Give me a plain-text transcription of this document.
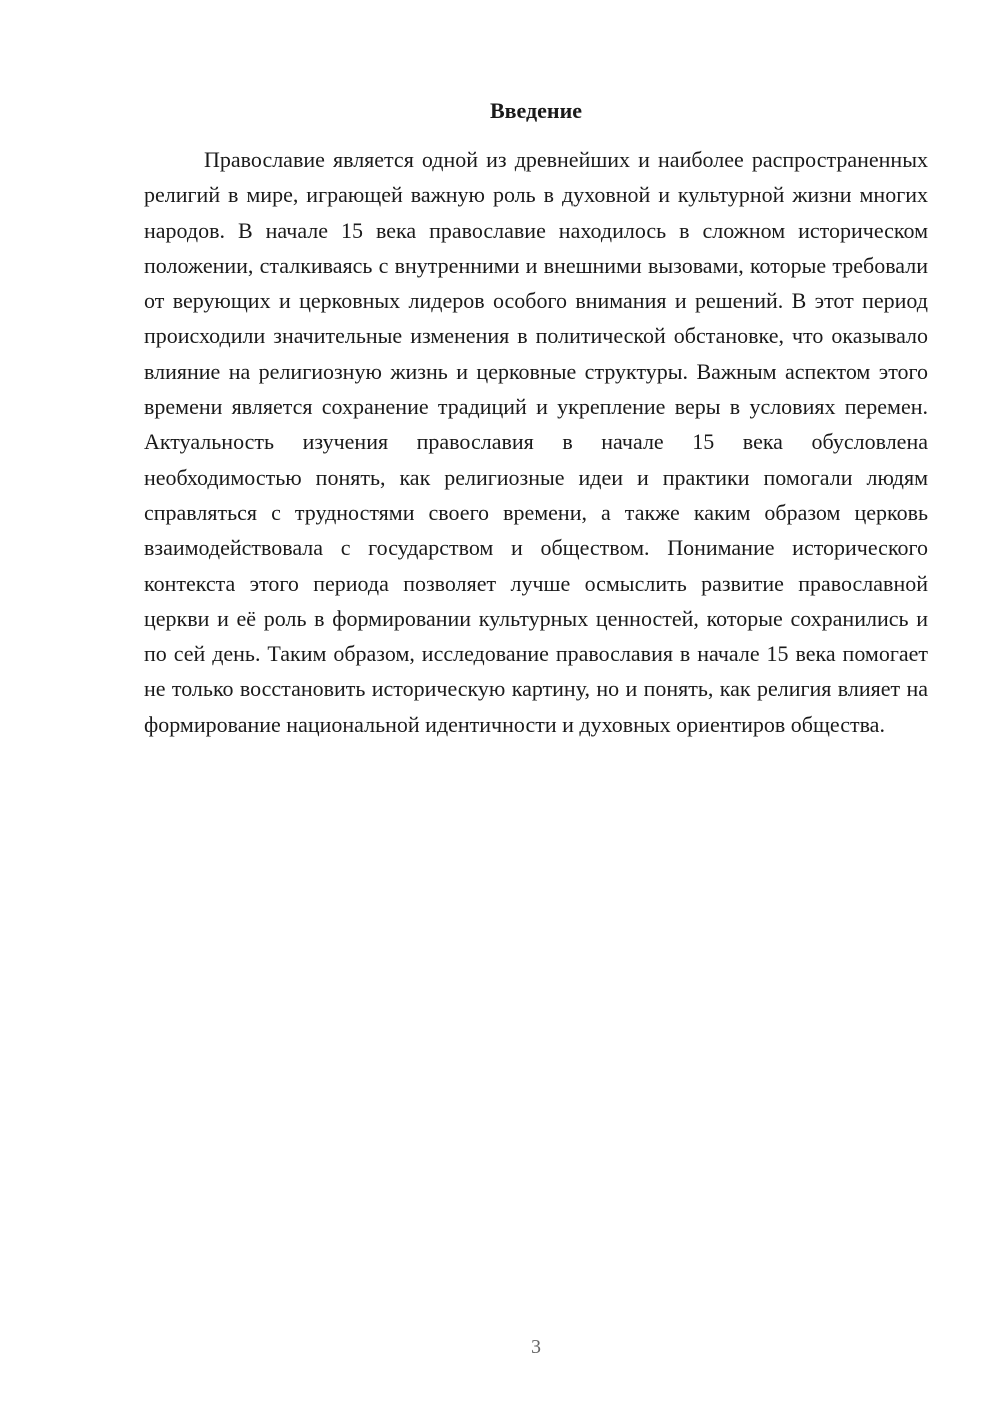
Введение

Православие является одной из древнейших и наиболее распространенных религий в мире, играющей важную роль в духовной и культурной жизни многих народов. В начале 15 века православие находилось в сложном историческом положении, сталкиваясь с внутренними и внешними вызовами, которые требовали от верующих и церковных лидеров особого внимания и решений. В этот период происходили значительные изменения в политической обстановке, что оказывало влияние на религиозную жизнь и церковные структуры. Важным аспектом этого времени является сохранение традиций и укрепление веры в условиях перемен. Актуальность изучения православия в начале 15 века обусловлена необходимостью понять, как религиозные идеи и практики помогали людям справляться с трудностями своего времени, а также каким образом церковь взаимодействовала с государством и обществом. Понимание исторического контекста этого периода позволяет лучше осмыслить развитие православной церкви и её роль в формировании культурных ценностей, которые сохранились и по сей день. Таким образом, исследование православия в начале 15 века помогает не только восстановить историческую картину, но и понять, как религия влияет на формирование национальной идентичности и духовных ориентиров общества.

3
